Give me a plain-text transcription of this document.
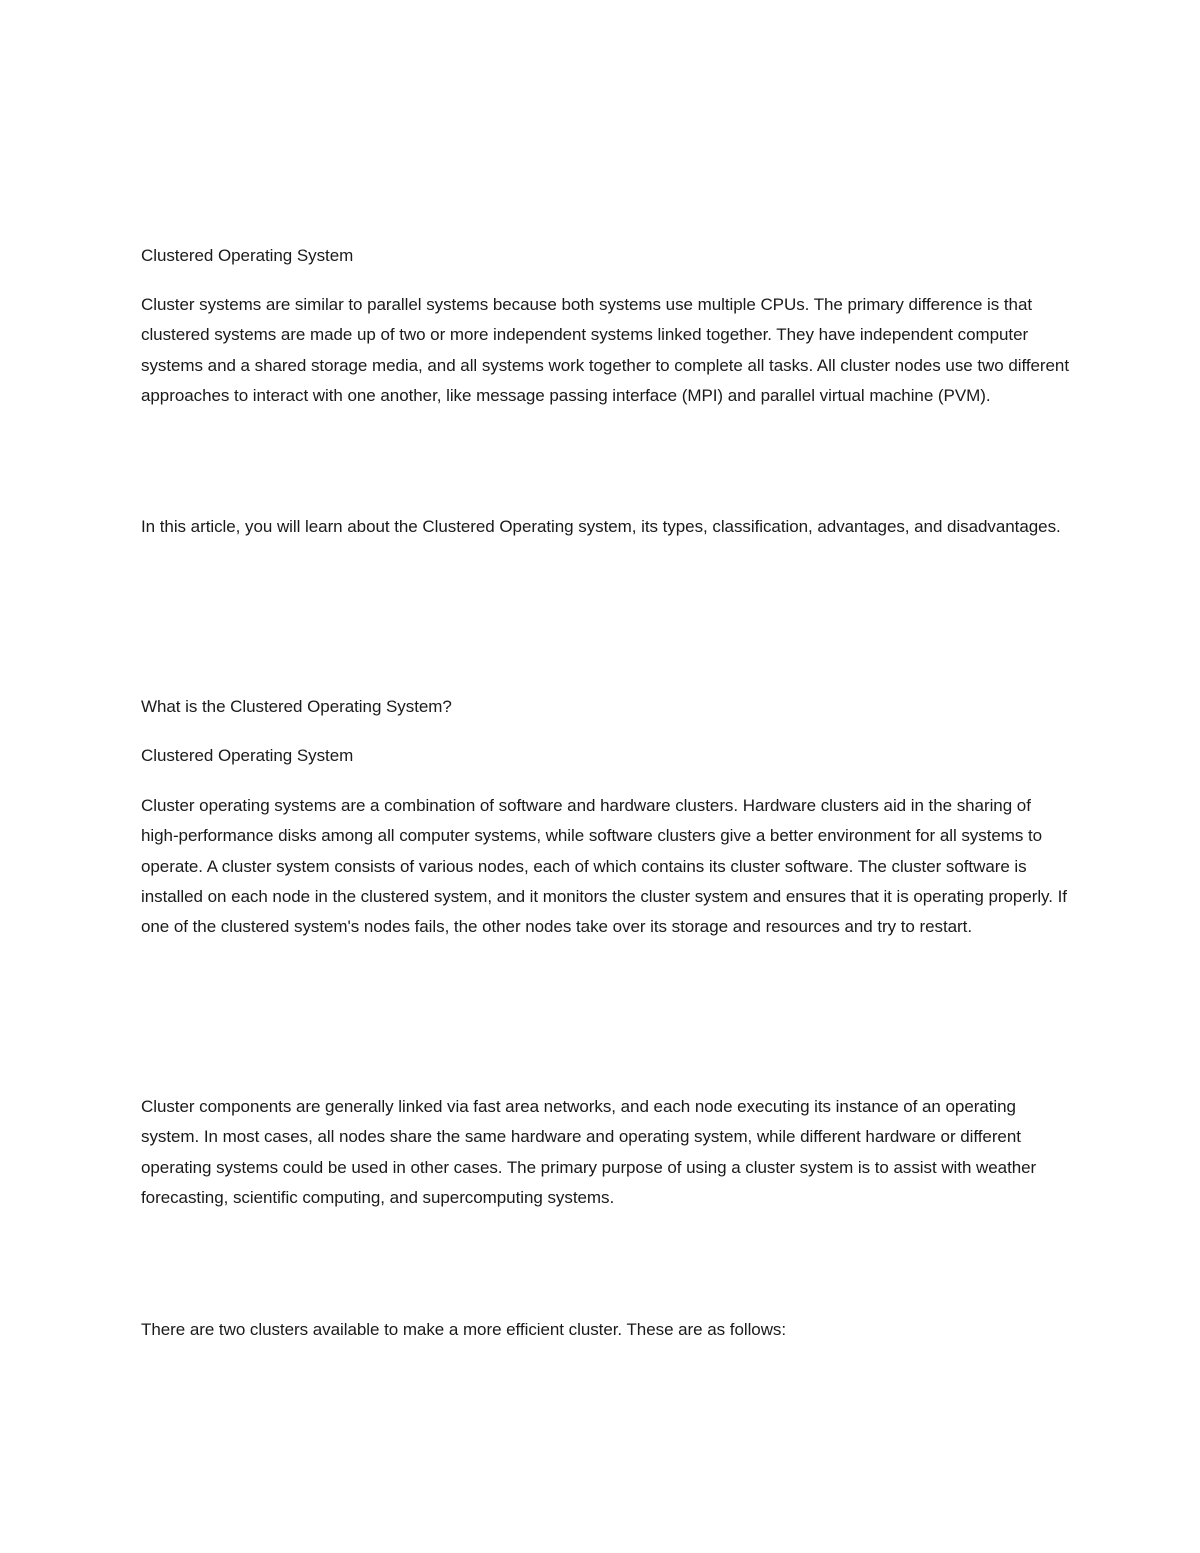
Clustered Operating System

Cluster systems are similar to parallel systems because both systems use multiple CPUs. The primary difference is that clustered systems are made up of two or more independent systems linked together. They have independent computer systems and a shared storage media, and all systems work together to complete all tasks. All cluster nodes use two different approaches to interact with one another, like message passing interface (MPI) and parallel virtual machine (PVM).

In this article, you will learn about the Clustered Operating system, its types, classification, advantages, and disadvantages.

What is the Clustered Operating System?

Clustered Operating System

Cluster operating systems are a combination of software and hardware clusters. Hardware clusters aid in the sharing of high-performance disks among all computer systems, while software clusters give a better environment for all systems to operate. A cluster system consists of various nodes, each of which contains its cluster software. The cluster software is installed on each node in the clustered system, and it monitors the cluster system and ensures that it is operating properly. If one of the clustered system's nodes fails, the other nodes take over its storage and resources and try to restart.

Cluster components are generally linked via fast area networks, and each node executing its instance of an operating system. In most cases, all nodes share the same hardware and operating system, while different hardware or different operating systems could be used in other cases. The primary purpose of using a cluster system is to assist with weather forecasting, scientific computing, and supercomputing systems.

There are two clusters available to make a more efficient cluster. These are as follows:
